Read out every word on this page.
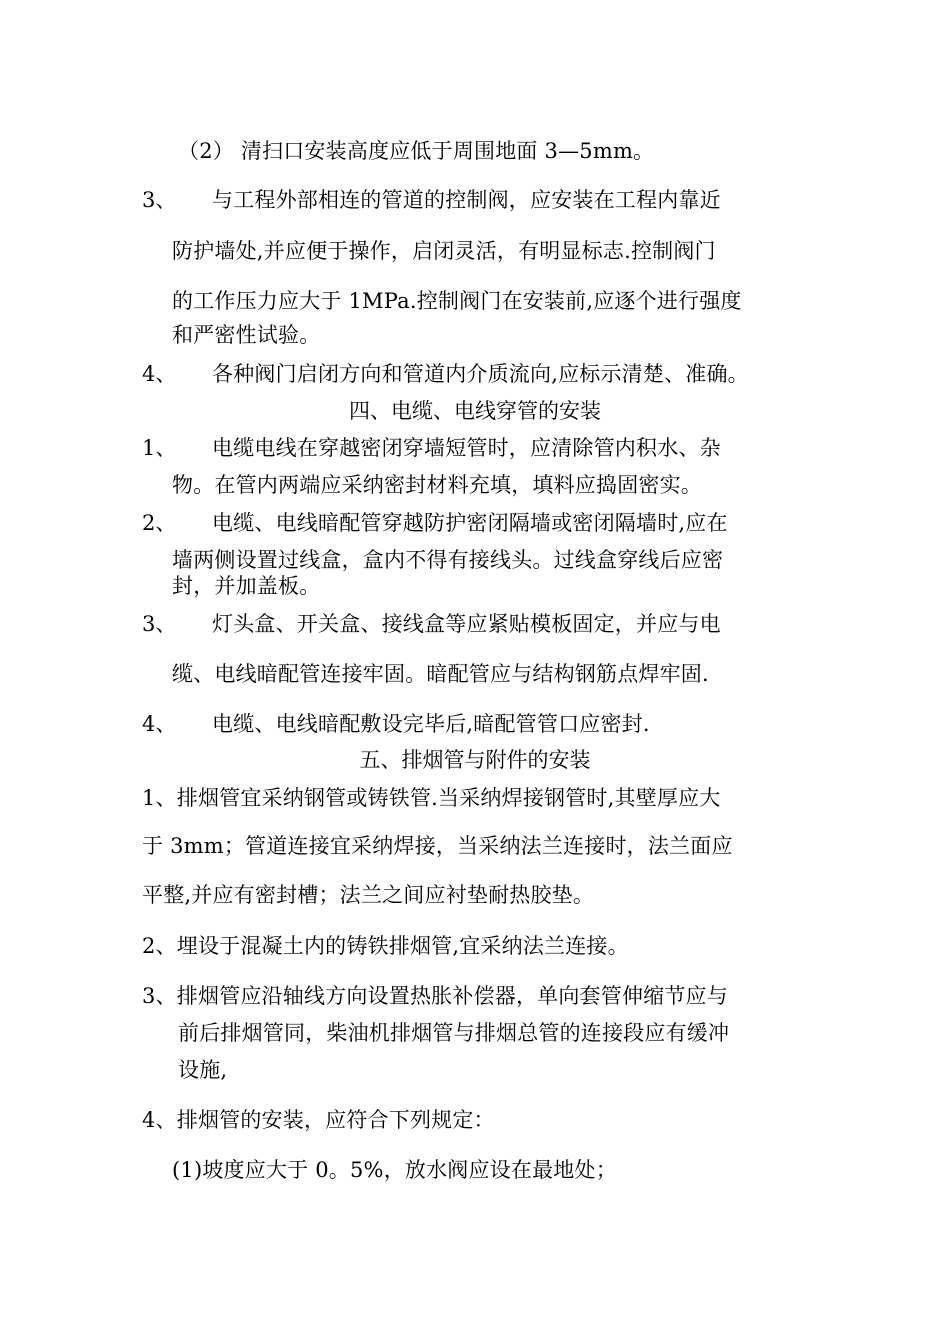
（2） 清扫口安装高度应低于周围地面 3—5mm。
3、 与工程外部相连的管道的控制阀，应安装在工程内靠近
防护墙处,并应便于操作，启闭灵活，有明显标志.控制阀门
的工作压力应大于 1MPa.控制阀门在安装前,应逐个进行强度
和严密性试验。
4、 各种阀门启闭方向和管道内介质流向,应标示清楚、准确。
四、电缆、电线穿管的安装
1、 电缆电线在穿越密闭穿墙短管时，应清除管内积水、杂
物。在管内两端应采纳密封材料充填，填料应捣固密实。
2、 电缆、电线暗配管穿越防护密闭隔墙或密闭隔墙时,应在
墙两侧设置过线盒，盒内不得有接线头。过线盒穿线后应密
封，并加盖板。
3、 灯头盒、开关盒、接线盒等应紧贴模板固定，并应与电
缆、电线暗配管连接牢固。暗配管应与结构钢筋点焊牢固.
4、 电缆、电线暗配敷设完毕后,暗配管管口应密封.
五、排烟管与附件的安装
1、排烟管宜采纳钢管或铸铁管.当采纳焊接钢管时,其壁厚应大
于 3mm；管道连接宜采纳焊接，当采纳法兰连接时，法兰面应
平整,并应有密封槽；法兰之间应衬垫耐热胶垫。
2、埋设于混凝土内的铸铁排烟管,宜采纳法兰连接。
3、排烟管应沿轴线方向设置热胀补偿器，单向套管伸缩节应与
前后排烟管同，柴油机排烟管与排烟总管的连接段应有缓冲
设施,
4、排烟管的安装，应符合下列规定：
(1)坡度应大于 0。5%，放水阀应设在最地处；
